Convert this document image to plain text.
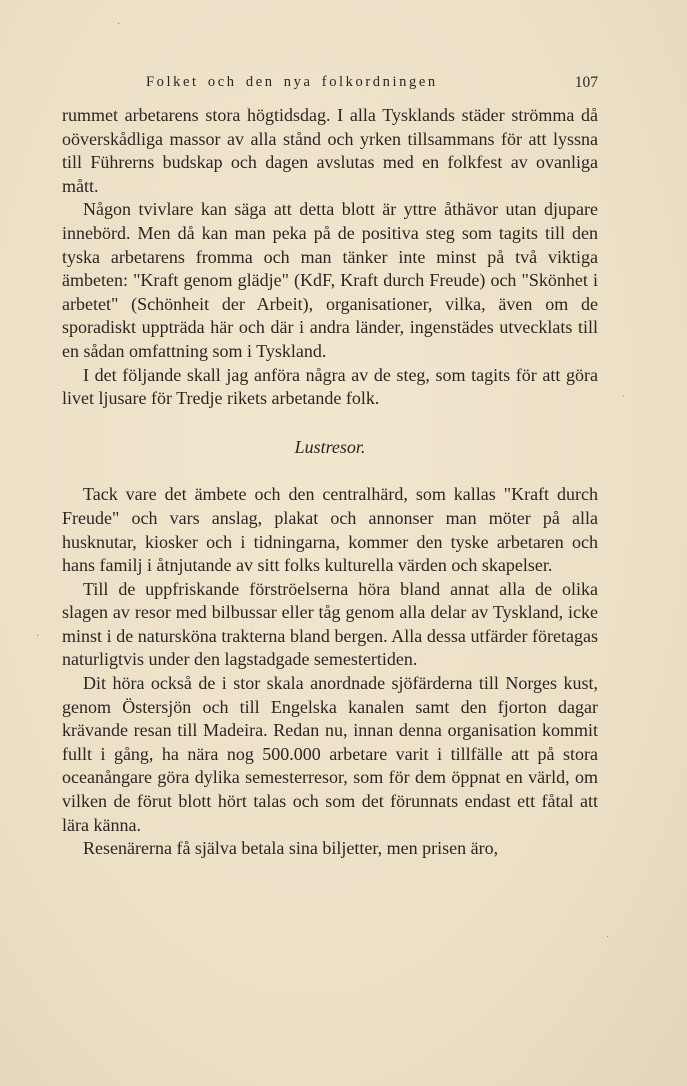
Folket och den nya folkordningen	107

rummet arbetarens stora högtidsdag. I alla Tysklands städer strömma då oöverskådliga massor av alla stånd och yrken tillsammans för att lyssna till Führerns budskap och dagen avslutas med en folkfest av ovanliga mått.

Någon tvivlare kan säga att detta blott är yttre åthävor utan djupare innebörd. Men då kan man peka på de positiva steg som tagits till den tyska arbetarens fromma och man tänker inte minst på två viktiga ämbeten: "Kraft genom glädje" (KdF, Kraft durch Freude) och "Skönhet i arbetet" (Schönheit der Arbeit), organisationer, vilka, även om de sporadiskt uppträda här och där i andra länder, ingenstädes utvecklats till en sådan omfattning som i Tyskland.

I det följande skall jag anföra några av de steg, som tagits för att göra livet ljusare för Tredje rikets arbetande folk.

Lustresor.

Tack vare det ämbete och den centralhärd, som kallas "Kraft durch Freude" och vars anslag, plakat och annonser man möter på alla husknutar, kiosker och i tidningarna, kommer den tyske arbetaren och hans familj i åtnjutande av sitt folks kulturella värden och skapelser.

Till de uppfriskande förströelserna höra bland annat alla de olika slagen av resor med bilbussar eller tåg genom alla delar av Tyskland, icke minst i de natursköna trakterna bland bergen. Alla dessa utfärder företagas naturligtvis under den lagstadgade semestertiden.

Dit höra också de i stor skala anordnade sjöfärderna till Norges kust, genom Östersjön och till Engelska kanalen samt den fjorton dagar krävande resan till Madeira. Redan nu, innan denna organisation kommit fullt i gång, ha nära nog 500.000 arbetare varit i tillfälle att på stora oceanångare göra dylika semesterresor, som för dem öppnat en värld, om vilken de förut blott hört talas och som det förunnats endast ett fåtal att lära känna.

Resenärerna få själva betala sina biljetter, men prisen äro,

·
·
·
·
